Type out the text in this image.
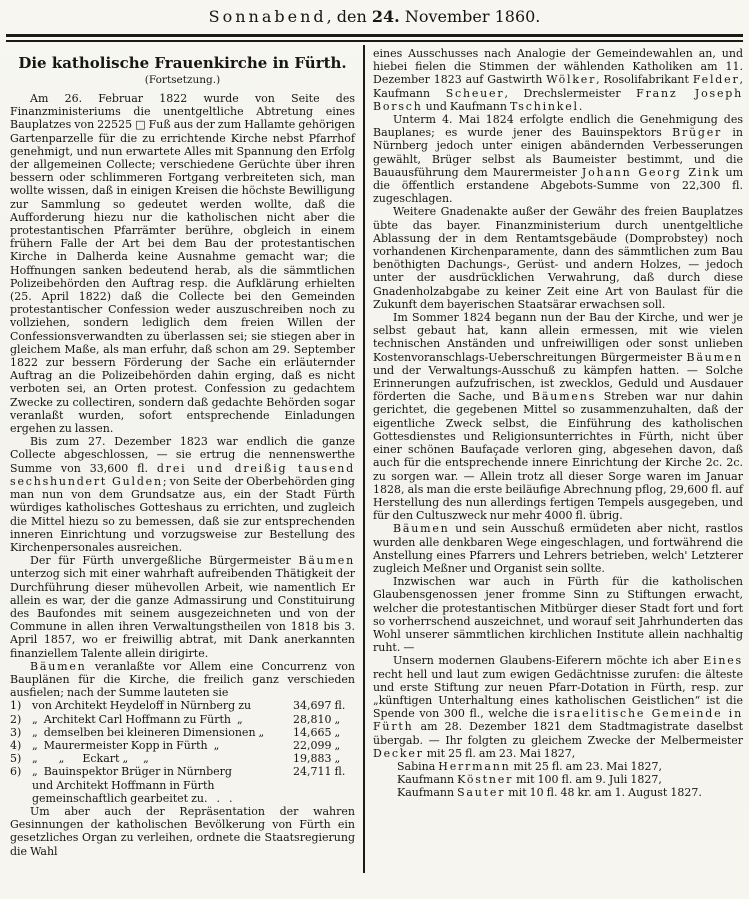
Sonnabend, den 24. November 1860.
Die katholische Frauenkirche in Fürth.
(Fortsetzung.)

Am 26. Februar 1822 wurde von Seite des Finanzministeriums die unentgeltliche Abtretung eines Bauplatzes von 22525 □ Fuß aus der zum Hallamte gehörigen Gartenparzelle für die zu errichtende Kirche nebst Pfarrhof genehmigt, und nun erwartete Alles mit Spannung den Erfolg der allgemeinen Collecte; verschiedene Gerüchte über ihren bessern oder schlimmeren Fortgang verbreiteten sich, man wollte wissen, daß in einigen Kreisen die höchste Bewilligung zur Sammlung so gedeutet werden wollte, daß die Aufforderung hiezu nur die katholischen nicht aber die protestantischen Pfarrämter berühre, obgleich in einem frühern Falle der Art bei dem Bau der protestantischen Kirche in Dalherda keine Ausnahme gemacht war; die Hoffnungen sanken bedeutend herab, als die sämmtlichen Polizeibehörden den Auftrag resp. die Aufklärung erhielten (25. April 1822) daß die Collecte bei den Gemeinden protestantischer Confession weder auszuschreiben noch zu vollziehen, sondern lediglich dem freien Willen der Confessionsverwandten zu überlassen sei; sie stiegen aber in gleichem Maße, als man erfuhr, daß schon am 29. September 1822 zur bessern Förderung der Sache ein erläuternder Auftrag an die Polizeibehörden dahin erging, daß es nicht verboten sei, an Orten protest. Confession zu gedachtem Zwecke zu collectiren, sondern daß gedachte Behörden sogar veranlaßt wurden, sofort entsprechende Einladungen ergehen zu lassen.

Bis zum 27. Dezember 1823 war endlich die ganze Collecte abgeschlossen, — sie ertrug die nennenswerthe Summe von 33,600 fl. drei und dreißig tausend sechshundert Gulden; von Seite der Oberbehörden ging man nun von dem Grundsatze aus, ein der Stadt Fürth würdiges katholisches Gotteshaus zu errichten, und zugleich die Mittel hiezu so zu bemessen, daß sie zur entsprechenden inneren Einrichtung und vorzugsweise zur Bestellung des Kirchenpersonales ausreichen.

Der für Fürth unvergeßliche Bürgermeister Bäumen unterzog sich mit einer wahrhaft aufreibenden Thätigkeit der Durchführung dieser mühevollen Arbeit, wie namentlich Er allein es war, der die ganze Admassirung und Constituirung des Baufondes mit seinem ausgezeichneten und von der Commune in allen ihren Verwaltungstheilen von 1818 bis 3. April 1857, wo er freiwillig abtrat, mit Dank anerkannten finanziellem Talente allein dirigirte.

Bäumen veranlaßte vor Allem eine Concurrenz von Bauplänen für die Kirche, die freilich ganz verschieden ausfielen; nach der Summe lauteten sie

1)	von Architekt Heydeloff in Nürnberg zu	34,697 fl.
2)	„  Architekt Carl Hoffmann zu Fürth  „	28,810 „
3)	„  demselben bei kleineren Dimensionen „	14,665 „
4)	„  Maurermeister Kopp in Fürth  „	22,099 „
5)	„       „      Eckart „     „	19,883 „
6)	„  Bauinspektor Brüger in Nürnberg
und Architekt Hoffmann in Fürth
gemeinschaftlich gearbeitet zu.   .   .	24,711 fl.

Um aber auch der Repräsentation der wahren Gesinnungen der katholischen Bevölkerung von Fürth ein gesetzliches Organ zu verleihen, ordnete die Staatsregierung die Wahl

eines Ausschusses nach Analogie der Gemeindewahlen an, und hiebei fielen die Stimmen der wählenden Katholiken am 11. Dezember 1823 auf Gastwirth Wölker, Rosolifabrikant Felder, Kaufmann Scheuer, Drechslermeister Franz Joseph Borsch und Kaufmann Tschinkel.

Unterm 4. Mai 1824 erfolgte endlich die Genehmigung des Bauplanes; es wurde jener des Bauinspektors Brüger in Nürnberg jedoch unter einigen abändernden Verbesserungen gewählt, Brüger selbst als Baumeister bestimmt, und die Bauausführung dem Maurermeister Johann Georg Zink um die öffentlich erstandene Abgebots-Summe von 22,300 fl. zugeschlagen.

Weitere Gnadenakte außer der Gewähr des freien Bauplatzes übte das bayer. Finanzministerium durch unentgeltliche Ablassung der in dem Rentamtsgebäude (Domprobstey) noch vorhandenen Kirchenparamente, dann des sämmtlichen zum Bau benöthigten Dachungs-, Gerüst- und andern Holzes, — jedoch unter der ausdrücklichen Verwahrung, daß durch diese Gnadenholzabgabe zu keiner Zeit eine Art von Baulast für die Zukunft dem bayerischen Staatsärar erwachsen soll.

Im Sommer 1824 begann nun der Bau der Kirche, und wer je selbst gebaut hat, kann allein ermessen, mit wie vielen technischen Anständen und unfreiwilligen oder sonst unlieben Kostenvoranschlags-Ueberschreitungen Bürgermeister Bäumen und der Verwaltungs-Ausschuß zu kämpfen hatten. — Solche Erinnerungen aufzufrischen, ist zwecklos, Geduld und Ausdauer förderten die Sache, und Bäumens Streben war nur dahin gerichtet, die gegebenen Mittel so zusammenzuhalten, daß der eigentliche Zweck selbst, die Einführung des katholischen Gottesdienstes und Religionsunterrichtes in Fürth, nicht über einer schönen Baufaçade verloren ging, abgesehen davon, daß auch für die entsprechende innere Einrichtung der Kirche 2c. 2c. zu sorgen war. — Allein trotz all dieser Sorge waren im Januar 1828, als man die erste beiläufige Abrechnung pflog, 29,600 fl. auf Herstellung des nun allerdings fertigen Tempels ausgegeben, und für den Cultuszweck nur mehr 4000 fl. übrig.

Bäumen und sein Ausschuß ermüdeten aber nicht, rastlos wurden alle denkbaren Wege eingeschlagen, und fortwährend die Anstellung eines Pfarrers und Lehrers betrieben, welch' Letzterer zugleich Meßner und Organist sein sollte.

Inzwischen war auch in Fürth für die katholischen Glaubensgenossen jener fromme Sinn zu Stiftungen erwacht, welcher die protestantischen Mitbürger dieser Stadt fort und fort so vorherrschend auszeichnet, und worauf seit Jahrhunderten das Wohl unserer sämmtlichen kirchlichen Institute allein nachhaltig ruht. —

Unsern modernen Glaubens-Eiferern möchte ich aber Eines recht hell und laut zum ewigen Gedächtnisse zurufen: die älteste und erste Stiftung zur neuen Pfarr-Dotation in Fürth, resp. zur „künftigen Unterhaltung eines katholischen Geistlichen“ ist die Spende von 300 fl., welche die israelitische Gemeinde in Fürth am 28. Dezember 1821 dem Stadtmagistrate daselbst übergab. — Ihr folgten zu gleichem Zwecke der Melbermeister Decker mit 25 fl. am 23. Mai 1827,

Sabina Herrmann mit 25 fl. am 23. Mai 1827,
Kaufmann Köstner mit 100 fl. am 9. Juli 1827,
Kaufmann Sauter mit 10 fl. 48 kr. am 1. August 1827.
